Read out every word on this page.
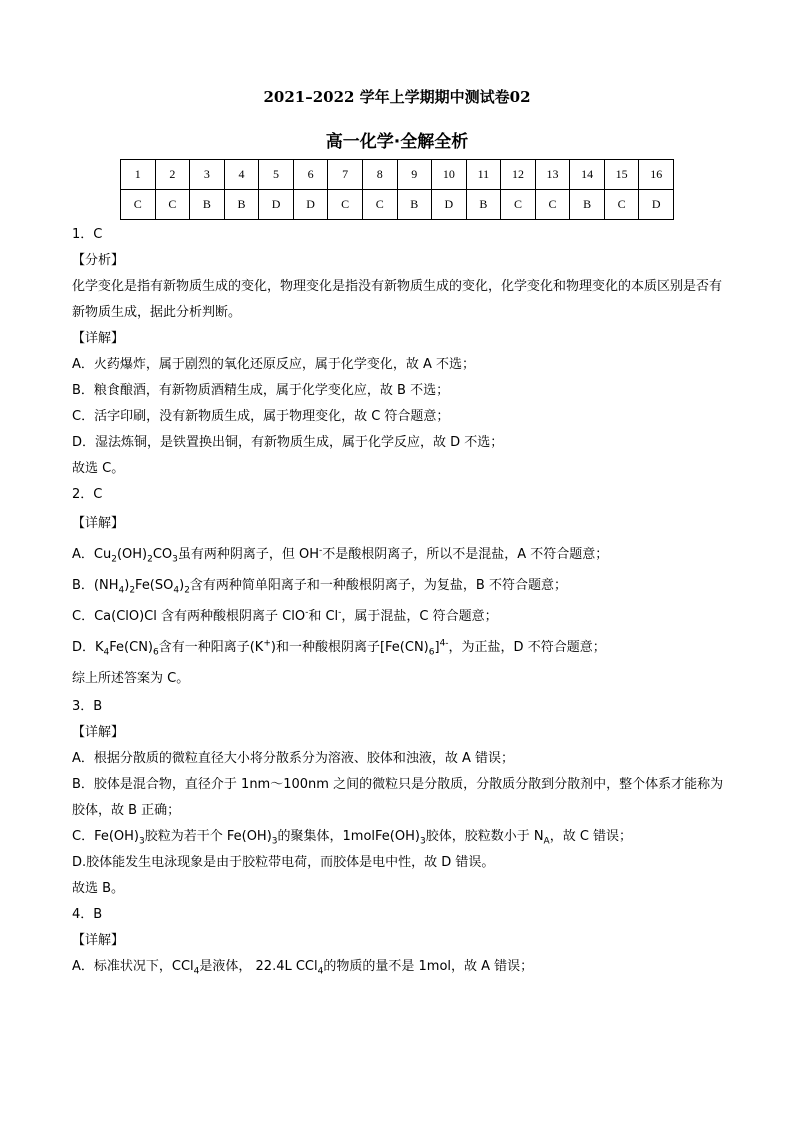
2021–2022 学年上学期期中测试卷02
高一化学·全解全析
1	2	3	4	5	6	7	8	9	10	11	12	13	14	15	16
C	C	B	B	D	D	C	C	B	D	B	C	C	B	C	D

1．C

【分析】

化学变化是指有新物质生成的变化，物理变化是指没有新物质生成的变化，化学变化和物理变化的本质区别是否有新物质生成，据此分析判断。

【详解】

A．火药爆炸，属于剧烈的氧化还原反应，属于化学变化，故 A 不选；

B．粮食酿酒，有新物质酒精生成，属于化学变化应，故 B 不选；

C．活字印刷，没有新物质生成，属于物理变化，故 C 符合题意；

D．湿法炼铜，是铁置换出铜，有新物质生成，属于化学反应，故 D 不选；

故选 C。

2．C

【详解】

A．$Cu_2(OH)_2CO_3$虽有两种阴离子，但 OH-不是酸根阴离子，所以不是混盐，A 不符合题意；

B．$(NH_4)_2Fe(SO_4)_2$含有两种简单阳离子和一种酸根阴离子，为复盐，B 不符合题意；

C．Ca(ClO)Cl 含有两种酸根阴离子 ClO-和 Cl-，属于混盐，C 符合题意；

D．$K_4Fe(CN)_6$含有一种阳离子(K+)和一种酸根阴离子$[Fe(CN)_6]^{4-}$，为正盐，D 不符合题意；

综上所述答案为 C。

3．B

【详解】

A．根据分散质的微粒直径大小将分散系分为溶液、胶体和浊液，故 A 错误；

B．胶体是混合物，直径介于 1nm～100nm 之间的微粒只是分散质，分散质分散到分散剂中，整个体系才能称为胶体，故 B 正确；

C．$Fe(OH)_3$胶粒为若干个 $Fe(OH)_3$的聚集体，$1molFe(OH)_3$胶体，胶粒数小于 $N_A$，故 C 错误；

D.胶体能发生电泳现象是由于胶粒带电荷，而胶体是电中性，故 D 错误。

故选 B。

4．B

【详解】

A．标准状况下，CCl$_4$是液体， 22.4L CCl$_4$的物质的量不是 1mol，故 A 错误；
